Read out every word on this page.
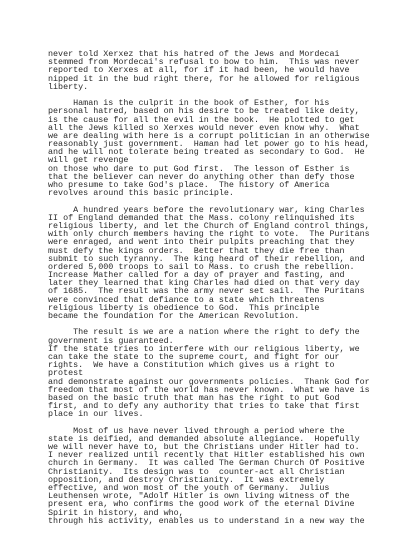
never told Xerxez that his hatred of the Jews and Mordecai
stemmed from Mordecai's refusal to bow to him.  This was never
reported to Xerxes at all, for if it had been, he would have
nipped it in the bud right there, for he allowed for religious
liberty.
Haman is the culprit in the book of Esther, for his
personal hatred, based on his desire to be treated like deity,
is the cause for all the evil in the book.  He plotted to get
all the Jews killed so Xerxes would never even know why.  What
we are dealing with here is a corrupt politician in an otherwise
reasonably just government.  Haman had let power go to his head,
and he will not tolerate being treated as secondary to God.  He
will get revenge
on those who dare to put God first.  The lesson of Esther is
that the believer can never do anything other than defy those
who presume to take God's place.  The history of America
revolves around this basic principle.
A hundred years before the revolutionary war, king Charles
II of England demanded that the Mass. colony relinquished its
religious liberty, and let the Church of England control things,
with only church members having the right to vote.  The Puritans
were enraged, and went into their pulpits preaching that they
must defy the kings orders.  Better that they die free than
submit to such tyranny.  The king heard of their rebellion, and
ordered 5,000 troops to sail to Mass. to crush the rebellion.
Increase Mather called for a day of prayer and fasting, and
later they learned that king Charles had died on that very day
of 1685.  The result was the army never set sail.  The Puritans
were convinced that defiance to a state which threatens
religious liberty is obedience to God.  This principle
became the foundation for the American Revolution.
The result is we are a nation where the right to defy the
government is guaranteed.
If the state tries to interfere with our religious liberty, we
can take the state to the supreme court, and fight for our
rights.  We have a Constitution which gives us a right to
protest
and demonstrate against our governments policies.  Thank God for
freedom that most of the world has never known.  What we have is
based on the basic truth that man has the right to put God
first, and to defy any authority that tries to take that first
place in our lives.
Most of us have never lived through a period where the
state is deified, and demanded absolute allegiance.  Hopefully
we will never have to, but the Christians under Hitler had to.
I never realized until recently that Hitler established his own
church in Germany.  It was called The German Church Of Positive
Christianity.  Its design was to  counter-act all Christian
opposition, and destroy Christianity.  It was extremely
effective, and won most of the youth of Germany.  Julius
Leuthensen wrote, "Adolf Hitler is own living witness of the
present era, who confirms the good work of the eternal Divine
Spirit in history, and who,
through his activity, enables us to understand in a new way the
